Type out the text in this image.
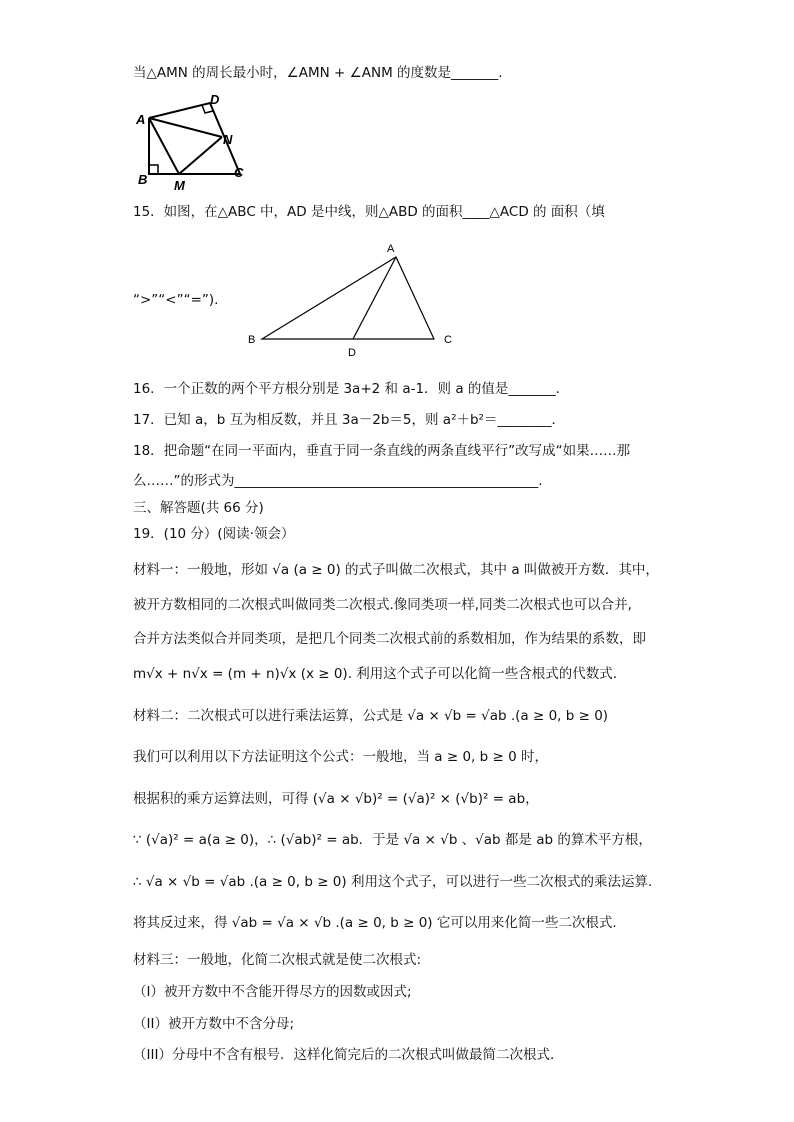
当△AMN 的周长最小时，∠AMN + ∠ANM 的度数是_______.
A
B	C
D
M
N
15．如图，在△ABC 中，AD 是中线，则△ABD 的面积____△ACD 的 面积（填
A
B	C
D
“>”“<”“=”).
16．一个正数的两个平方根分别是 3a+2 和 a-1．则 a 的值是_______．
17．已知 a，b 互为相反数，并且 3a－2b＝5，则 a²＋b²＝________．
18．把命题“在同一平面内，垂直于同一条直线的两条直线平行”改写成“如果……那
么……”的形式为_____________________________________________.
三、解答题(共 66 分)
19．(10 分）(阅读·领会）
材料一：一般地，形如 √a (a ≥ 0) 的式子叫做二次根式，其中 a 叫做被开方数．其中，
被开方数相同的二次根式叫做同类二次根式.像同类项一样,同类二次根式也可以合并,
合并方法类似合并同类项，是把几个同类二次根式前的系数相加，作为结果的系数，即
m√x + n√x = (m + n)√x (x ≥ 0). 利用这个式子可以化简一些含根式的代数式.
材料二：二次根式可以进行乘法运算，公式是 √a × √b = √ab .(a ≥ 0, b ≥ 0)
我们可以利用以下方法证明这个公式：一般地，当 a ≥ 0, b ≥ 0 时，
根据积的乘方运算法则，可得 (√a × √b)² = (√a)² × (√b)² = ab，
∵ (√a)² = a(a ≥ 0)，∴ (√ab)² = ab．于是 √a × √b 、√ab 都是 ab 的算术平方根，
∴ √a × √b = √ab .(a ≥ 0, b ≥ 0) 利用这个式子，可以进行一些二次根式的乘法运算.
将其反过来，得 √ab = √a × √b .(a ≥ 0, b ≥ 0) 它可以用来化简一些二次根式.
材料三：一般地，化简二次根式就是使二次根式:
（I）被开方数中不含能开得尽方的因数或因式;
（II）被开方数中不含分母;
（III）分母中不含有根号．这样化简完后的二次根式叫做最简二次根式.
